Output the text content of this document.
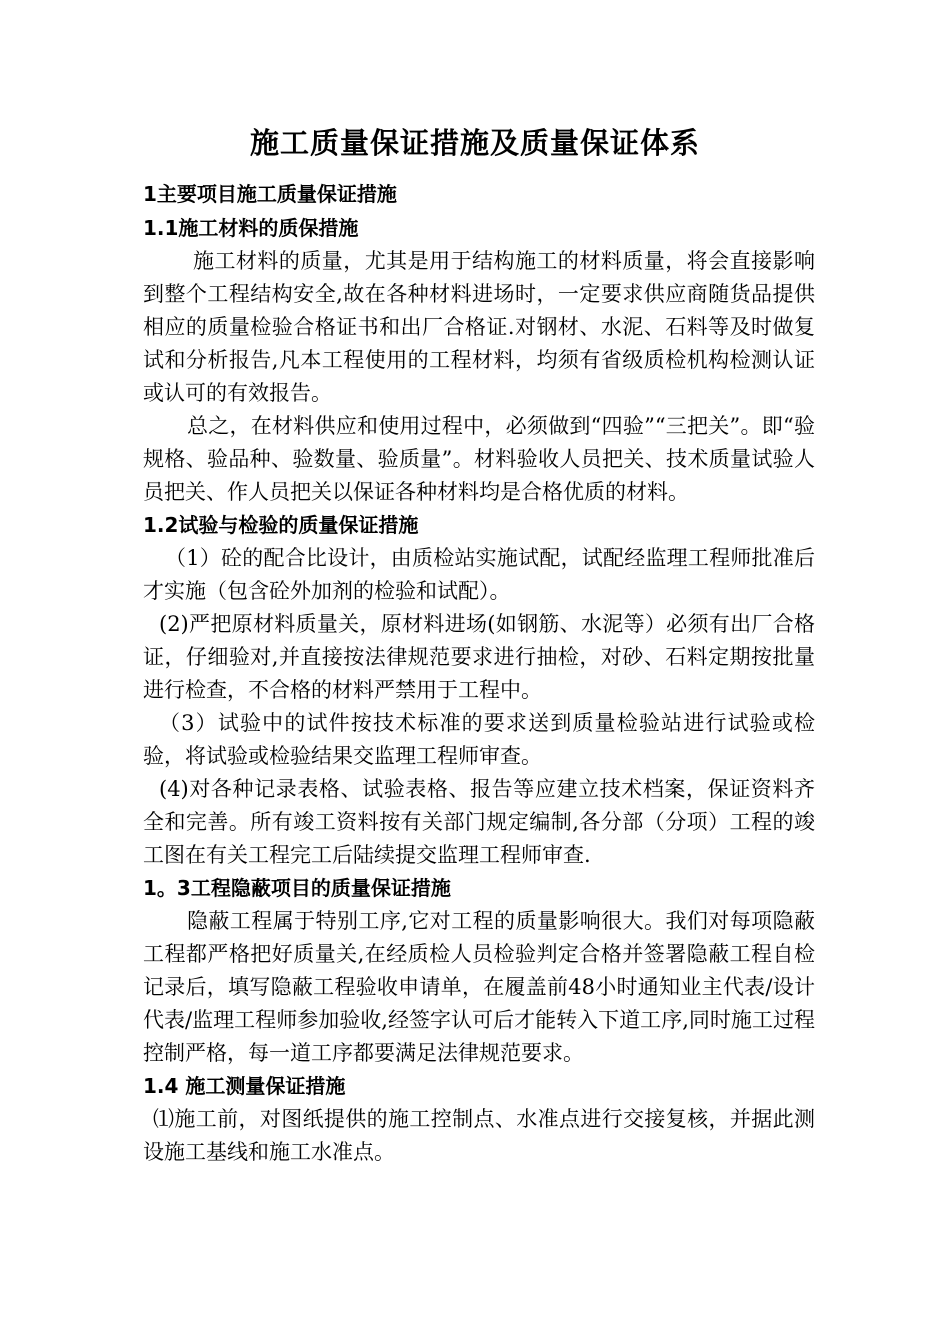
施工质量保证措施及质量保证体系
1主要项目施工质量保证措施
1.1施工材料的质保措施
施工材料的质量，尤其是用于结构施工的材料质量，将会直接影响到整个工程结构安全,故在各种材料进场时，一定要求供应商随货品提供相应的质量检验合格证书和出厂合格证.对钢材、水泥、石料等及时做复试和分析报告,凡本工程使用的工程材料，均须有省级质检机构检测认证或认可的有效报告。
总之，在材料供应和使用过程中，必须做到“四验”“三把关”。即“验规格、验品种、验数量、验质量”。材料验收人员把关、技术质量试验人员把关、作人员把关以保证各种材料均是合格优质的材料。
1.2试验与检验的质量保证措施
（1）砼的配合比设计，由质检站实施试配，试配经监理工程师批准后才实施（包含砼外加剂的检验和试配）。
(2)严把原材料质量关，原材料进场(如钢筋、水泥等）必须有出厂合格证，仔细验对,并直接按法律规范要求进行抽检，对砂、石料定期按批量进行检查，不合格的材料严禁用于工程中。
（3）试验中的试件按技术标准的要求送到质量检验站进行试验或检验，将试验或检验结果交监理工程师审查。
(4)对各种记录表格、试验表格、报告等应建立技术档案，保证资料齐全和完善。所有竣工资料按有关部门规定编制,各分部（分项）工程的竣工图在有关工程完工后陆续提交监理工程师审查.
1。3工程隐蔽项目的质量保证措施
隐蔽工程属于特别工序,它对工程的质量影响很大。我们对每项隐蔽工程都严格把好质量关,在经质检人员检验判定合格并签署隐蔽工程自检记录后，填写隐蔽工程验收申请单，在履盖前48小时通知业主代表/设计代表/监理工程师参加验收,经签字认可后才能转入下道工序,同时施工过程控制严格，每一道工序都要满足法律规范要求。
1.4 施工测量保证措施
⑴施工前，对图纸提供的施工控制点、水准点进行交接复核，并据此测设施工基线和施工水准点。
